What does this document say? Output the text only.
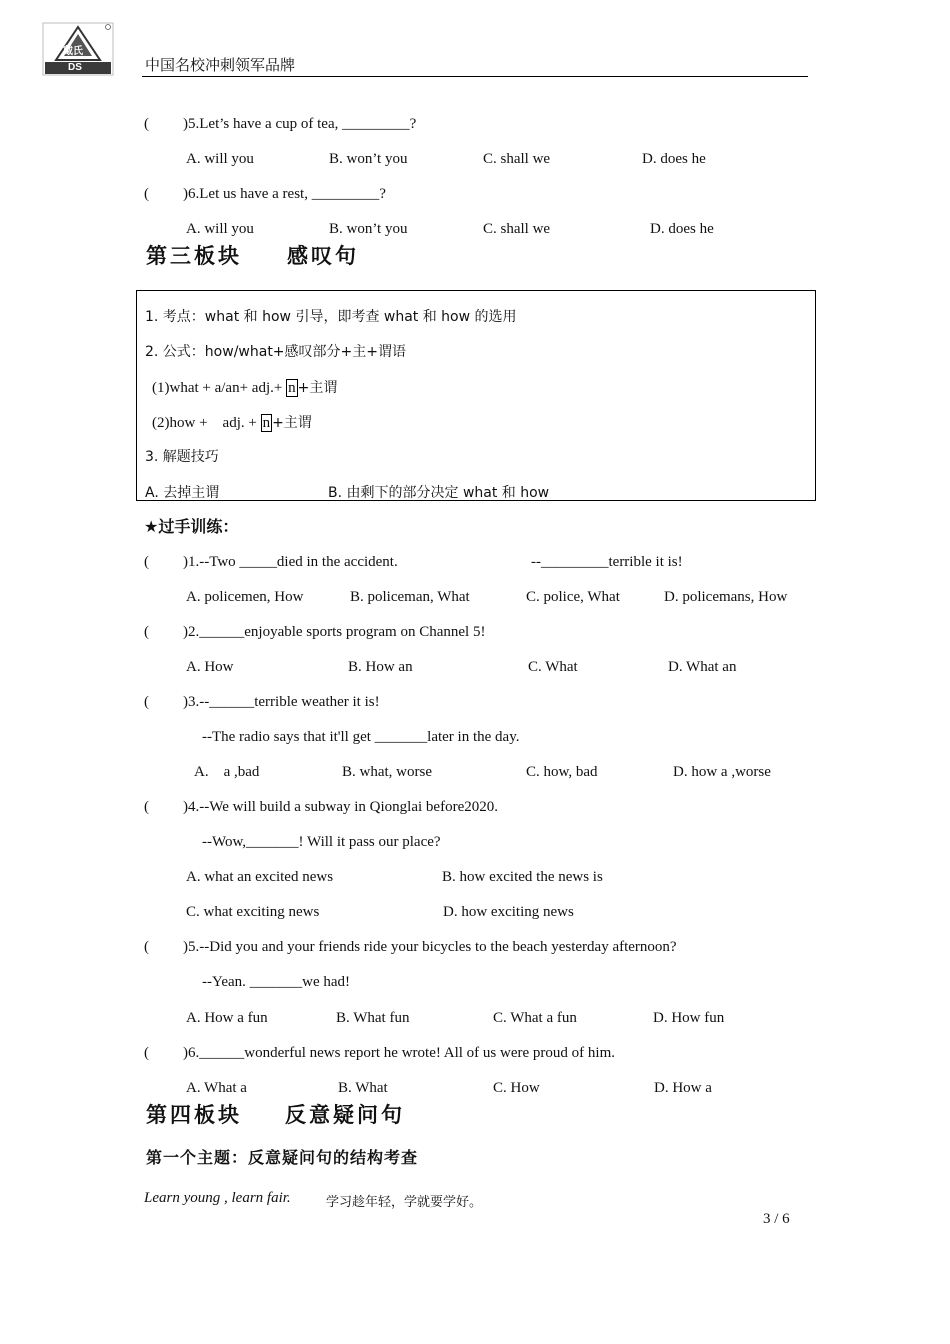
戴氏
DS	中国名校冲刺领军品牌
( )5.Let’s have a cup of tea, _________?
A. will you	B. won’t you	C. shall we	D. does he
( )6.Let us have a rest, _________?
A. will you	B. won’t you	C. shall we	D. does he
第三板块 感叹句
1. 考点：what 和 how 引导，即考查 what 和 how 的选用
2. 公式：how/what+感叹部分+主+谓语
(1)what + a/an+ adj.+ n +主谓
(2)how +    adj. + n +主谓
3. 解题技巧
A. 去掉主谓	B. 由剩下的部分决定 what 和 how
★过手训练：
( )1.--Two _____died in the accident.	--_________terrible it is!
A. policemen, How	B. policeman, What	C. police, What	D. policemans, How
( )2.______enjoyable sports program on Channel 5!
A. How	B. How an	C. What	D. What an
( )3.--______terrible weather it is!
--The radio says that it'll get _______later in the day.
A.    a ,bad	B. what, worse	C. how, bad	D. how a ,worse
( )4.--We will build a subway in Qionglai before2020.
--Wow,_______! Will it pass our place?
A. what an excited news	B. how excited the news is
C. what exciting news	D. how exciting news
( )5.--Did you and your friends ride your bicycles to the beach yesterday afternoon?
--Yean. _______we had!
A. How a fun	B. What fun	C. What a fun	D. How fun
( )6.______wonderful news report he wrote! All of us were proud of him.
A. What a	B. What	C. How	D. How a
第四板块 反意疑问句
第一个主题：反意疑问句的结构考查
Learn young , learn fair.	学习趁年轻，学就要学好。
3 / 6
